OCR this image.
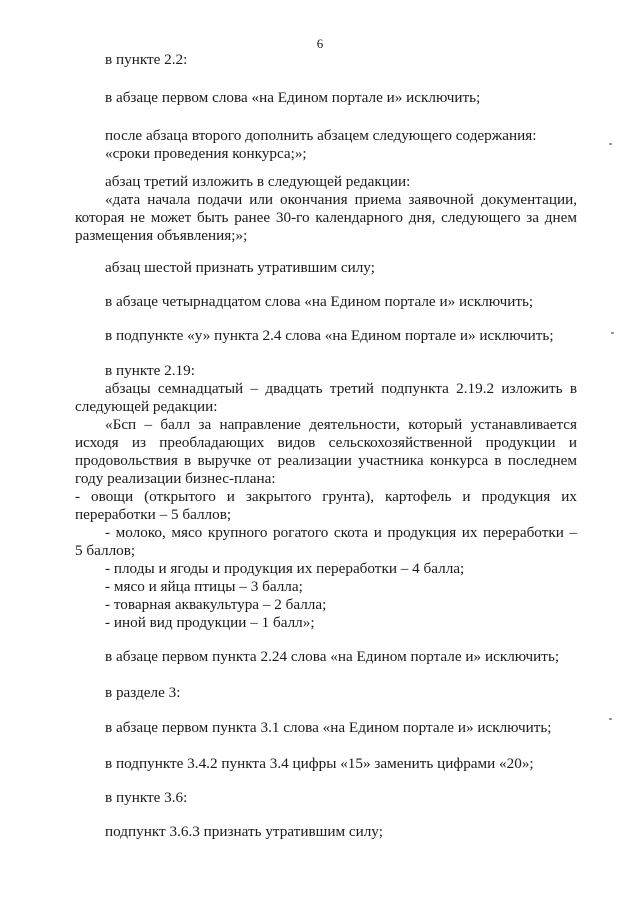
6
в пункте 2.2:
в абзаце первом слова «на Едином портале и» исключить;
после абзаца второго дополнить абзацем следующего содержания:
«сроки проведения конкурса;»;
абзац третий изложить в следующей редакции:
«дата начала подачи или окончания приема заявочной документации,
которая не может быть ранее 30-го календарного дня, следующего за днем
размещения объявления;»;
абзац шестой признать утратившим силу;
в абзаце четырнадцатом слова «на Едином портале и» исключить;
в подпункте «у» пункта 2.4 слова «на Едином портале и» исключить;
в пункте 2.19:
абзацы семнадцатый – двадцать третий подпункта 2.19.2 изложить в
следующей редакции:
«Бсп – балл за направление деятельности, который устанавливается
исходя из преобладающих видов сельскохозяйственной продукции и
продовольствия в выручке от реализации участника конкурса в последнем
году реализации бизнес-плана:
- овощи (открытого и закрытого грунта), картофель и продукция их
переработки – 5 баллов;
- молоко, мясо крупного рогатого скота и продукция их переработки –
5 баллов;
- плоды и ягоды и продукция их переработки – 4 балла;
- мясо и яйца птицы – 3 балла;
- товарная аквакультура – 2 балла;
- иной вид продукции – 1 балл»;
в абзаце первом пункта 2.24 слова «на Едином портале и» исключить;
в разделе 3:
в абзаце первом пункта 3.1 слова «на Едином портале и» исключить;
в подпункте 3.4.2 пункта 3.4 цифры «15» заменить цифрами «20»;
в пункте 3.6:
подпункт 3.6.3 признать утратившим силу;
